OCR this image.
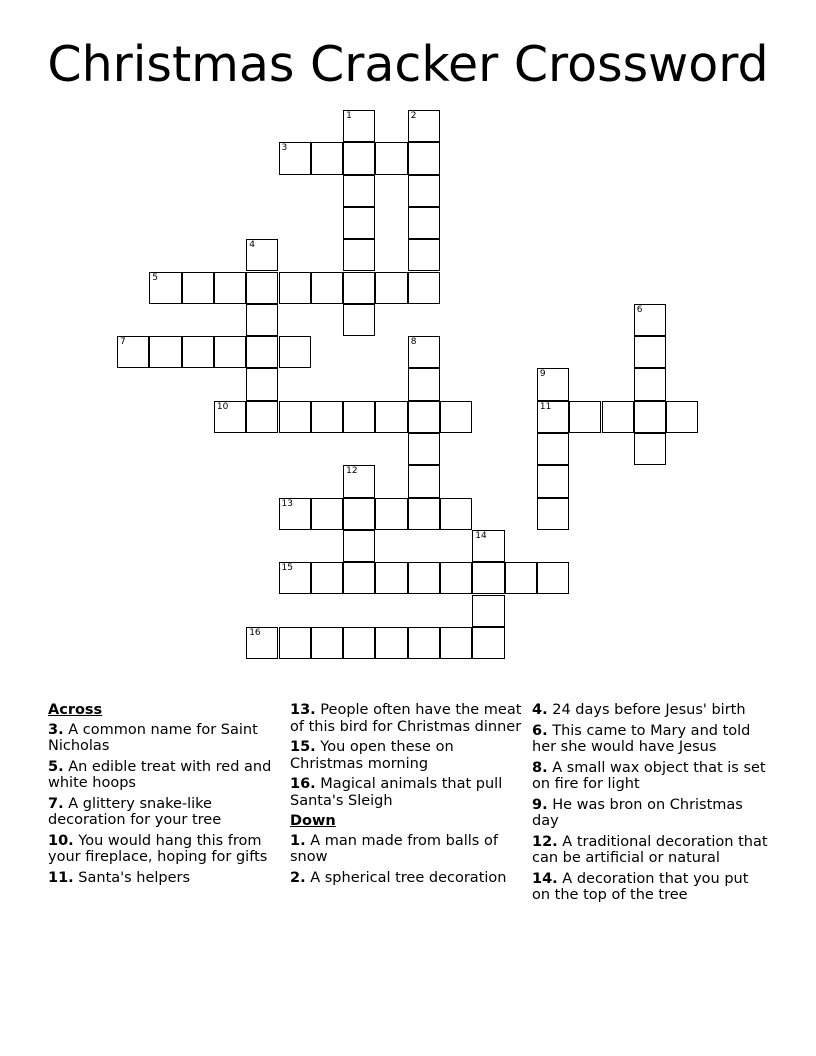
Christmas Cracker Crossword
1	2
3
4
5
6
7	8
9
11
10
12
13
14
15
16
Across
3. A common name for Saint Nicholas
5. An edible treat with red and white hoops
7. A glittery snake-like decoration for your tree
10. You would hang this from your fireplace, hoping for gifts
11. Santa's helpers
13. People often have the meat of this bird for Christmas dinner
15. You open these on Christmas morning
16. Magical animals that pull Santa's Sleigh
Down
1. A man made from balls of snow
2. A spherical tree decoration
4. 24 days before Jesus' birth
6. This came to Mary and told her she would have Jesus
8. A small wax object that is set on fire for light
9. He was bron on Christmas day
12. A traditional decoration that can be artificial or natural
14. A decoration that you put on the top of the tree
